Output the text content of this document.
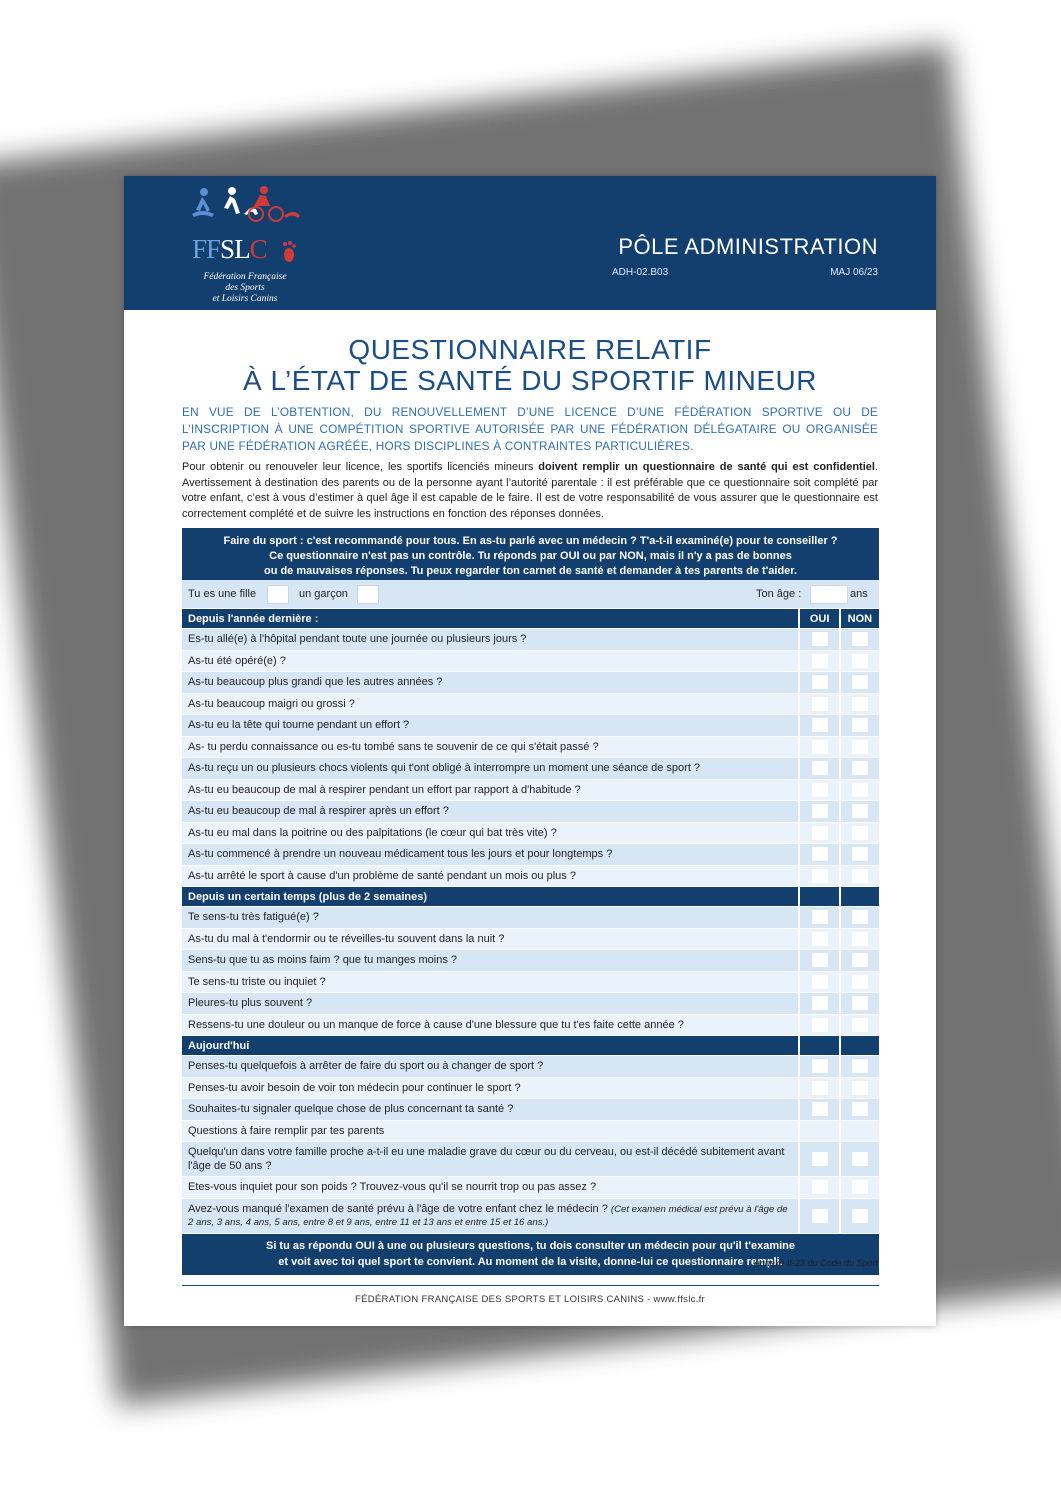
FFSLC
Fédération Française
des Sports
et Loisirs Canins
PÔLE ADMINISTRATION
ADH-02.B03	MAJ 06/23
QUESTIONNAIRE RELATIF
À L’ÉTAT DE SANTÉ DU SPORTIF MINEUR
EN VUE DE L’OBTENTION, DU RENOUVELLEMENT D’UNE LICENCE D’UNE FÉDÉRATION SPORTIVE OU DE L’INSCRIPTION À UNE COMPÉTITION SPORTIVE AUTORISÉE PAR UNE FÉDÉRATION DÉLÉGATAIRE OU ORGANISÉE PAR UNE FÉDÉRATION AGRÉÉE, HORS DISCIPLINES À CONTRAINTES PARTICULIÈRES.
Pour obtenir ou renouveler leur licence, les sportifs licenciés mineurs doivent remplir un questionnaire de santé qui est confidentiel. Avertissement à destination des parents ou de la personne ayant l’autorité parentale : il est préférable que ce questionnaire soit complété par votre enfant, c’est à vous d’estimer à quel âge il est capable de le faire. Il est de votre responsabilité de vous assurer que le questionnaire est correctement complété et de suivre les instructions en fonction des réponses données.
Faire du sport : c'est recommandé pour tous. En as-tu parlé avec un médecin ? T'a-t-il examiné(e) pour te conseiller ?
Ce questionnaire n'est pas un contrôle. Tu réponds par OUI ou par NON, mais il n'y a pas de bonnes
ou de mauvaises réponses. Tu peux regarder ton carnet de santé et demander à tes parents de t'aider.
Tu es une fille	un garçon	Ton âge :	ans
Depuis l'année dernière :	OUI	NON
Es-tu allé(e) à l'hôpital pendant toute une journée ou plusieurs jours ?		
As-tu été opéré(e) ?		
As-tu beaucoup plus grandi que les autres années ?		
As-tu beaucoup maigri ou grossi ?		
As-tu eu la tête qui tourne pendant un effort ?		
As- tu perdu connaissance ou es-tu tombé sans te souvenir de ce qui s'était passé ?		
As-tu reçu un ou plusieurs chocs violents qui t'ont obligé à interrompre un moment une séance de sport ?		
As-tu eu beaucoup de mal à respirer pendant un effort par rapport à d'habitude ?		
As-tu eu beaucoup de mal à respirer après un effort ?		
As-tu eu mal dans la poitrine ou des palpitations (le cœur qui bat très vite) ?		
As-tu commencé à prendre un nouveau médicament tous les jours et pour longtemps ?		
As-tu arrêté le sport à cause d'un problème de santé pendant un mois ou plus ?		
Depuis un certain temps (plus de 2 semaines)		
Te sens-tu très fatigué(e) ?		
As-tu du mal à t'endormir ou te réveilles-tu souvent dans la nuit ?		
Sens-tu que tu as moins faim ? que tu manges moins ?		
Te sens-tu triste ou inquiet ?		
Pleures-tu plus souvent ?		
Ressens-tu une douleur ou un manque de force à cause d'une blessure que tu t'es faite cette année ?		
Aujourd'hui		
Penses-tu quelquefois à arrêter de faire du sport ou à changer de sport ?		
Penses-tu avoir besoin de voir ton médecin pour continuer le sport ?		
Souhaites-tu signaler quelque chose de plus concernant ta santé ?		
Questions à faire remplir par tes parents		
Quelqu'un dans votre famille proche a-t-il eu une maladie grave du cœur ou du cerveau, ou est-il décédé subitement avant l'âge de 50 ans ?		
Etes-vous inquiet pour son poids ? Trouvez-vous qu'il se nourrit trop ou pas assez ?		
Avez-vous manqué l'examen de santé prévu à l'âge de votre enfant chez le médecin ? (Cet examen médical est prévu à l'âge de 2 ans, 3 ans, 4 ans, 5 ans, entre 8 et 9 ans, entre 11 et 13 ans et entre 15 et 16 ans.)		
Si tu as répondu OUI à une ou plusieurs questions, tu dois consulter un médecin pour qu'il t'examine
et voit avec toi quel sport te convient. Au moment de la visite, donne-lui ce questionnaire rempli.
Annexe II-23 du Code du Sport
FÉDÉRATION FRANÇAISE DES SPORTS ET LOISIRS CANINS - www.ffslc.fr
